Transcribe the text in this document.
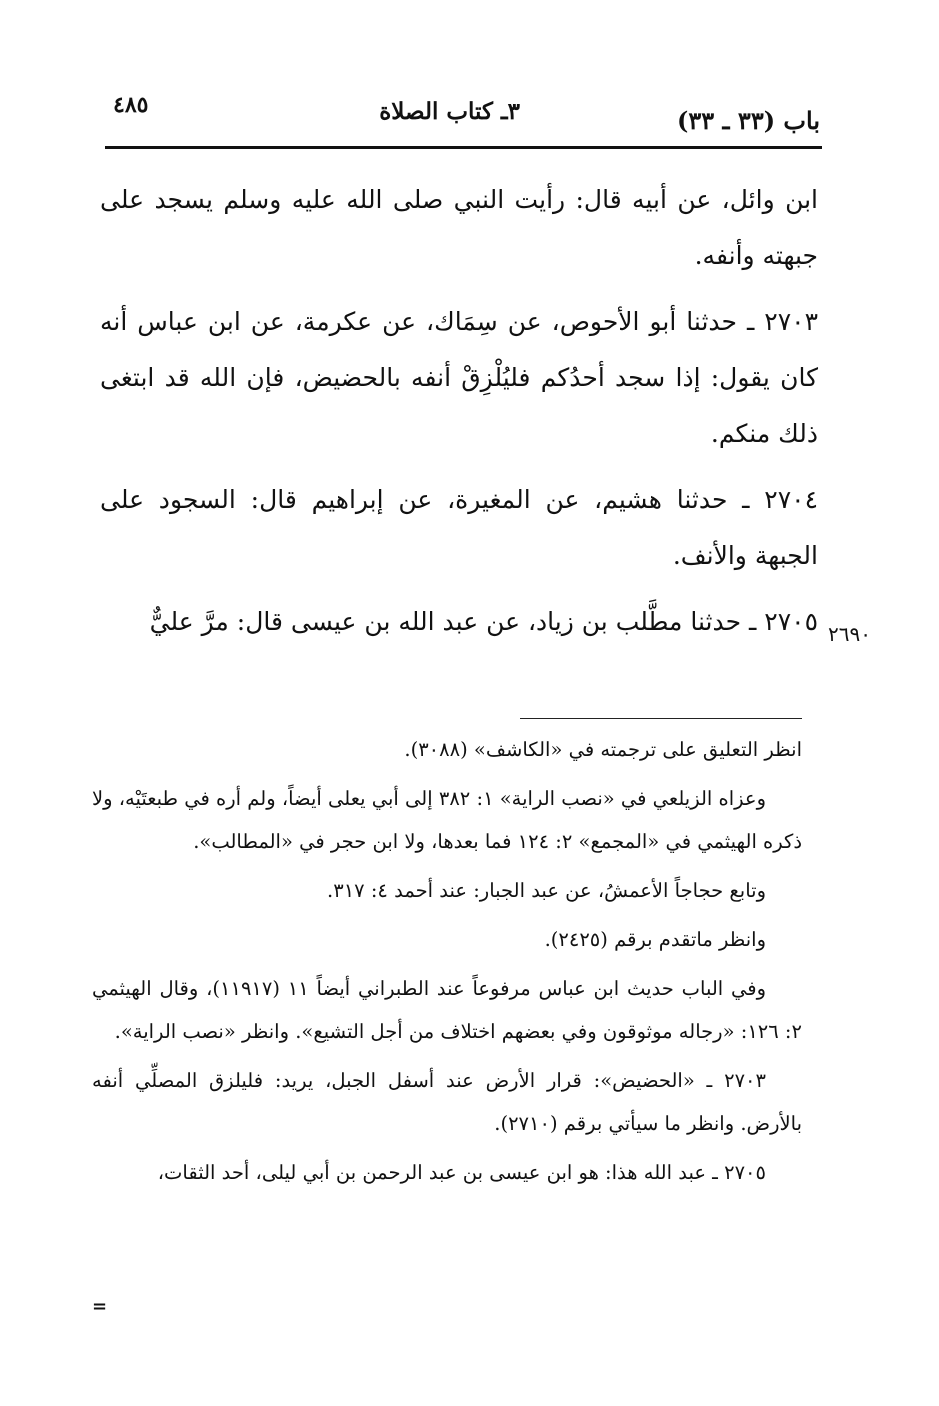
باب (٣٣ ـ ٣٣)
٣ـ كتاب الصلاة
٤٨٥

ابن وائل، عن أبيه قال: رأيت النبي صلى الله عليه وسلم يسجد على جبهته وأنفه.

٢٧٠٣ ـ حدثنا أبو الأحوص، عن سِمَاك، عن عكرمة، عن ابن عباس أنه كان يقول: إذا سجد أحدُكم فليُلْزِقْ أنفه بالحضيض، فإن الله قد ابتغى ذلك منكم.

٢٧٠٤ ـ حدثنا هشيم، عن المغيرة، عن إبراهيم قال: السجود على الجبهة والأنف.

٢٧٠٥ ـ حدثنا مطَّلب بن زياد، عن عبد الله بن عيسى قال: مرَّ عليٌّ ٢٦٩٠

انظر التعليق على ترجمته في «الكاشف» (٣٠٨٨).

وعزاه الزيلعي في «نصب الراية» ١: ٣٨٢ إلى أبي يعلى أيضاً، ولم أره في طبعتَيْه، ولا ذكره الهيثمي في «المجمع» ٢: ١٢٤ فما بعدها، ولا ابن حجر في «المطالب».

وتابع حجاجاً الأعمشُ، عن عبد الجبار: عند أحمد ٤: ٣١٧.

وانظر ماتقدم برقم (٢٤٢٥).

وفي الباب حديث ابن عباس مرفوعاً عند الطبراني أيضاً ١١ (١١٩١٧)، وقال الهيثمي ٢: ١٢٦: «رجاله موثوقون وفي بعضهم اختلاف من أجل التشيع». وانظر «نصب الراية».

٢٧٠٣ ـ «الحضيض»: قرار الأرض عند أسفل الجبل، يريد: فليلزق المصلِّي أنفه بالأرض. وانظر ما سيأتي برقم (٢٧١٠).

٢٧٠٥ ـ عبد الله هذا: هو ابن عيسى بن عبد الرحمن بن أبي ليلى، أحد الثقات،

=
